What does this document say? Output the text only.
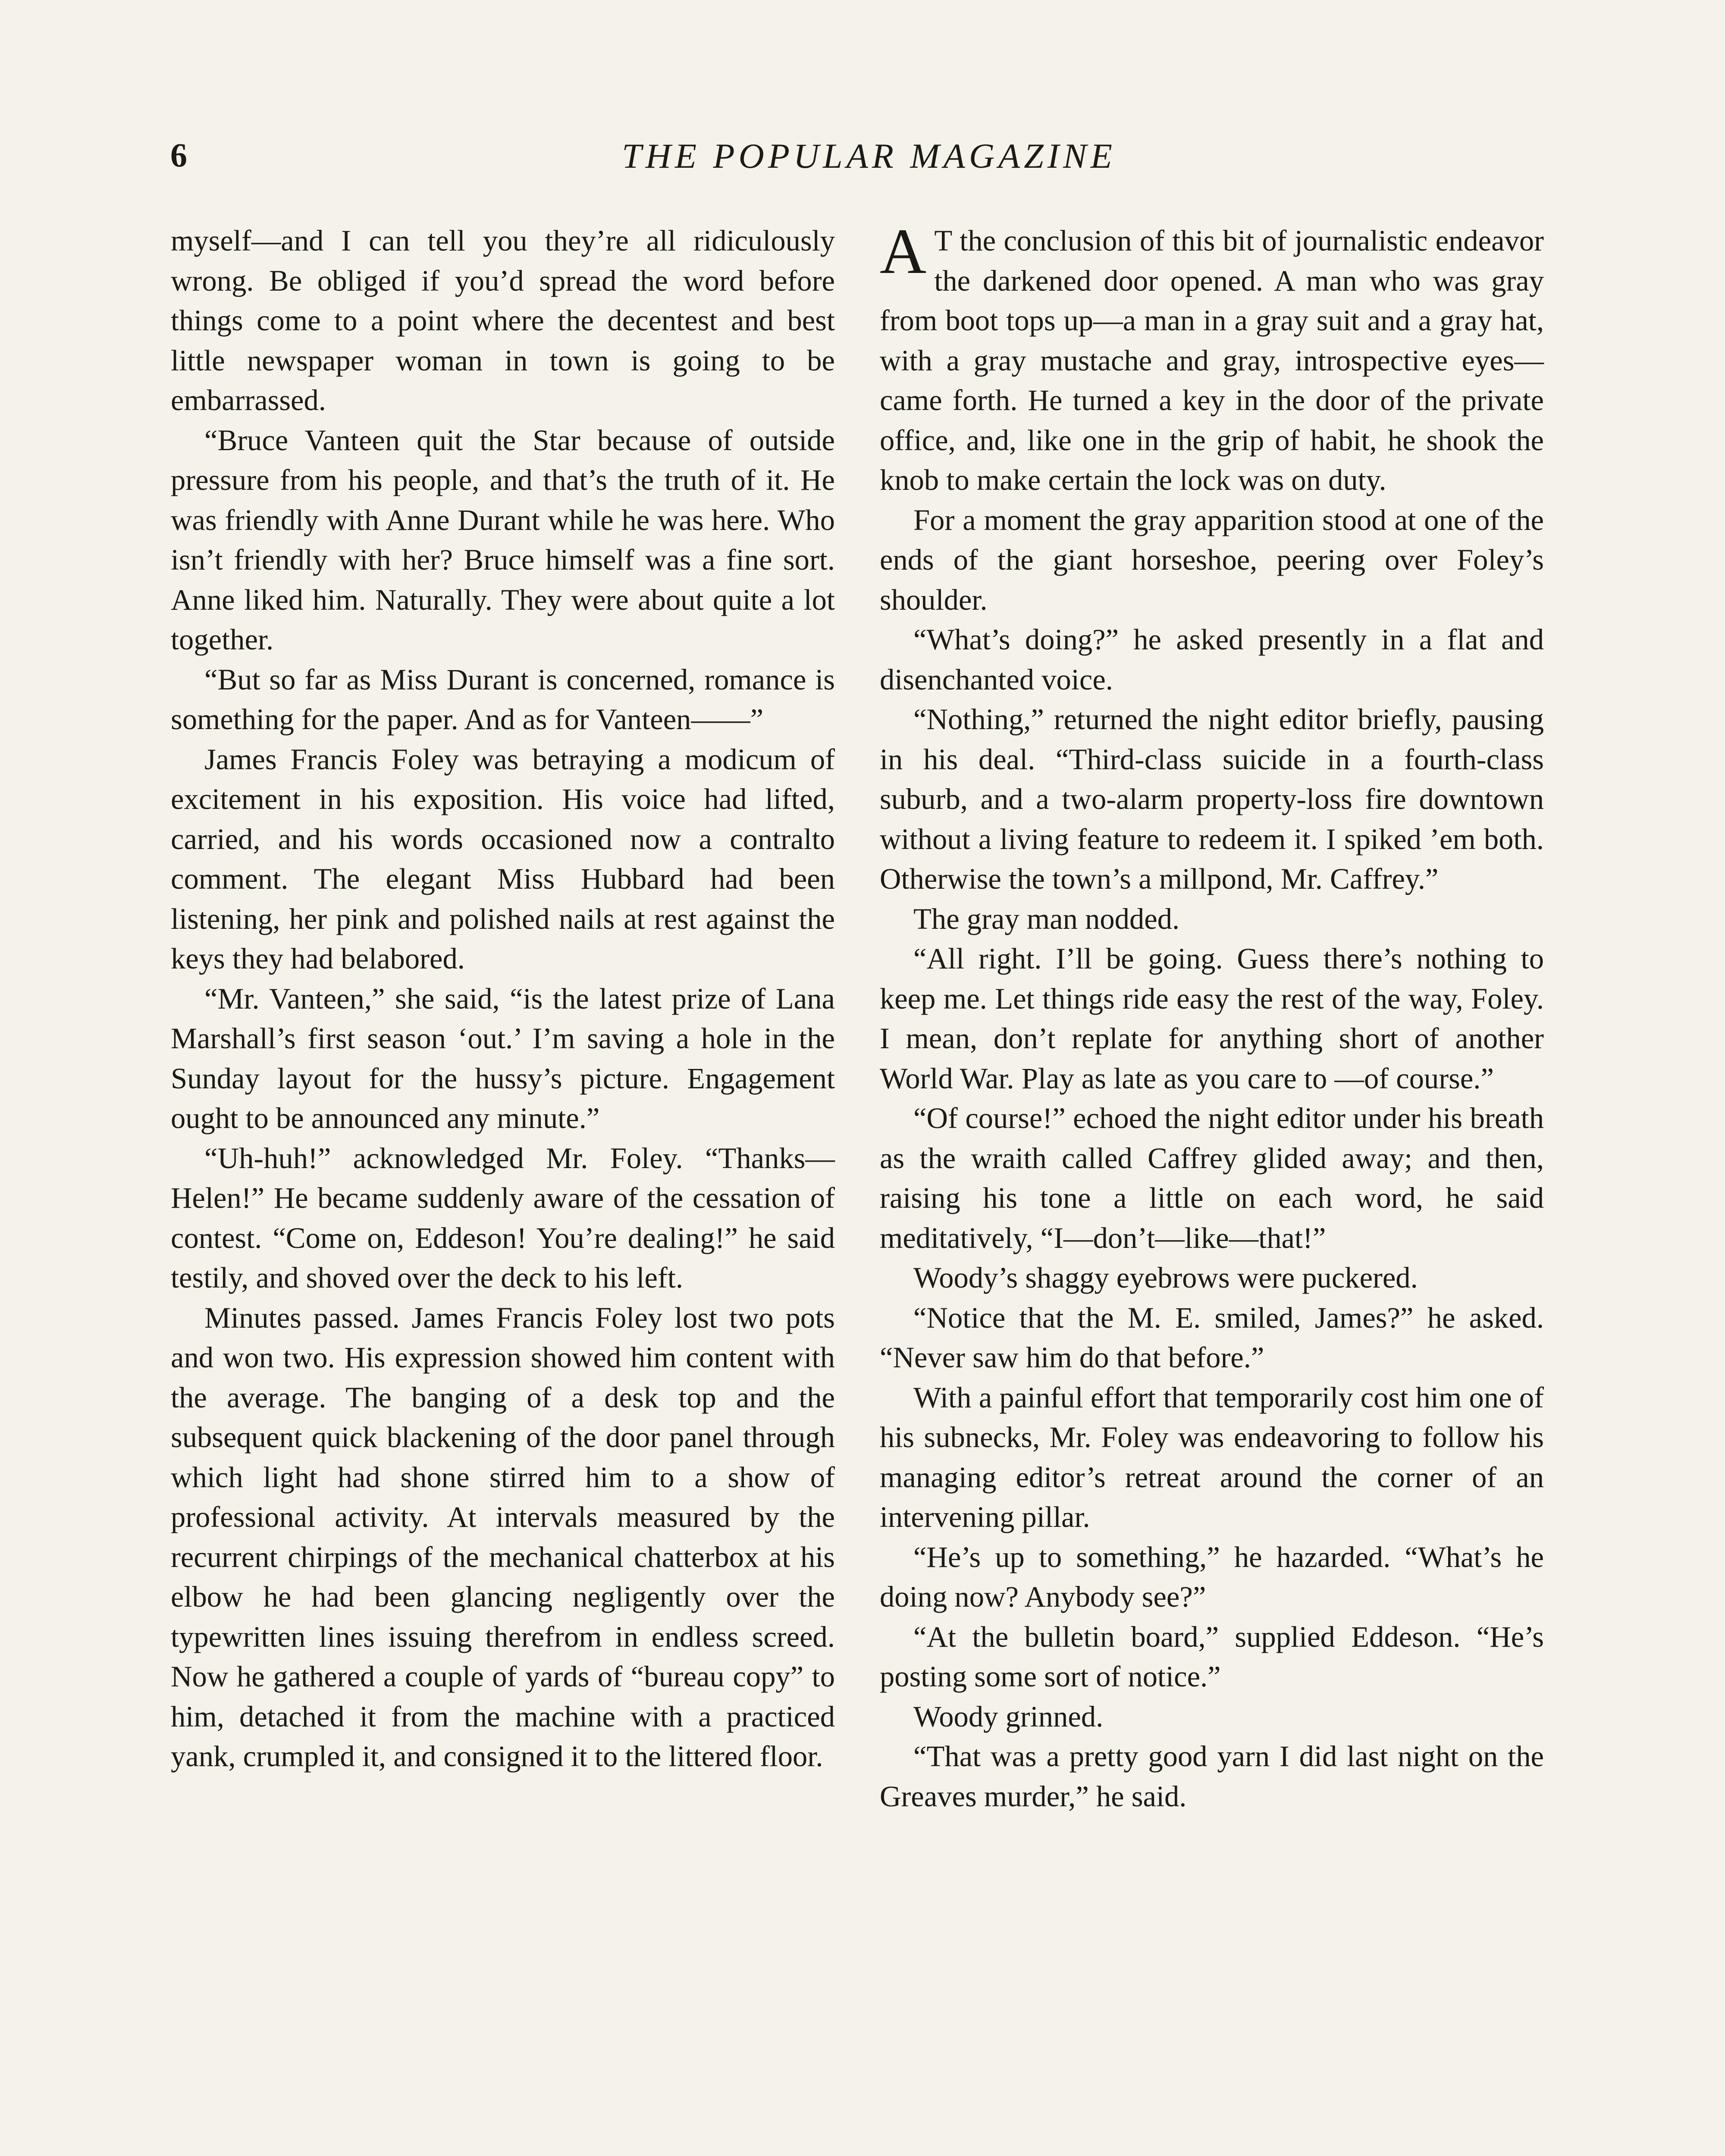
6	THE POPULAR MAGAZINE

myself—and I can tell you they’re all ridiculously wrong. Be obliged if you’d spread the word before things come to a point where the decentest and best little newspaper woman in town is going to be embarrassed.

“Bruce Vanteen quit the Star because of outside pressure from his people, and that’s the truth of it. He was friendly with Anne Durant while he was here. Who isn’t friendly with her? Bruce himself was a fine sort. Anne liked him. Naturally. They were about quite a lot together.

“But so far as Miss Durant is concerned, romance is something for the paper. And as for Vanteen——”

James Francis Foley was betraying a modicum of excitement in his exposition. His voice had lifted, carried, and his words occasioned now a contralto comment. The elegant Miss Hubbard had been listening, her pink and polished nails at rest against the keys they had belabored.

“Mr. Vanteen,” she said, “is the latest prize of Lana Marshall’s first season ‘out.’ I’m saving a hole in the Sunday layout for the hussy’s picture. Engagement ought to be announced any minute.”

“Uh-huh!” acknowledged Mr. Foley. “Thanks—Helen!” He became suddenly aware of the cessation of contest. “Come on, Eddeson! You’re dealing!” he said testily, and shoved over the deck to his left.

Minutes passed. James Francis Foley lost two pots and won two. His expression showed him content with the average. The banging of a desk top and the subsequent quick blackening of the door panel through which light had shone stirred him to a show of professional activity. At intervals measured by the recurrent chirpings of the mechanical chatterbox at his elbow he had been glancing negligently over the typewritten lines issuing therefrom in endless screed. Now he gathered a couple of yards of “bureau copy” to him, detached it from the machine with a practiced yank, crumpled it, and consigned it to the littered floor.

A T the conclusion of this bit of journalistic endeavor the darkened door opened. A man who was gray from boot tops up—a man in a gray suit and a gray hat, with a gray mustache and gray, introspective eyes—came forth. He turned a key in the door of the private office, and, like one in the grip of habit, he shook the knob to make certain the lock was on duty.

For a moment the gray apparition stood at one of the ends of the giant horseshoe, peering over Foley’s shoulder.

“What’s doing?” he asked presently in a flat and disenchanted voice.

“Nothing,” returned the night editor briefly, pausing in his deal. “Third-class suicide in a fourth-class suburb, and a two-alarm property-loss fire downtown without a living feature to redeem it. I spiked ’em both. Otherwise the town’s a millpond, Mr. Caffrey.”

The gray man nodded.

“All right. I’ll be going. Guess there’s nothing to keep me. Let things ride easy the rest of the way, Foley. I mean, don’t replate for anything short of another World War. Play as late as you care to —of course.”

“Of course!” echoed the night editor under his breath as the wraith called Caffrey glided away; and then, raising his tone a little on each word, he said meditatively, “I—don’t—like—that!”

Woody’s shaggy eyebrows were puckered.

“Notice that the M. E. smiled, James?” he asked. “Never saw him do that before.”

With a painful effort that temporarily cost him one of his subnecks, Mr. Foley was endeavoring to follow his managing editor’s retreat around the corner of an intervening pillar.

“He’s up to something,” he hazarded. “What’s he doing now? Anybody see?”

“At the bulletin board,” supplied Eddeson. “He’s posting some sort of notice.”

Woody grinned.

“That was a pretty good yarn I did last night on the Greaves murder,” he said.
